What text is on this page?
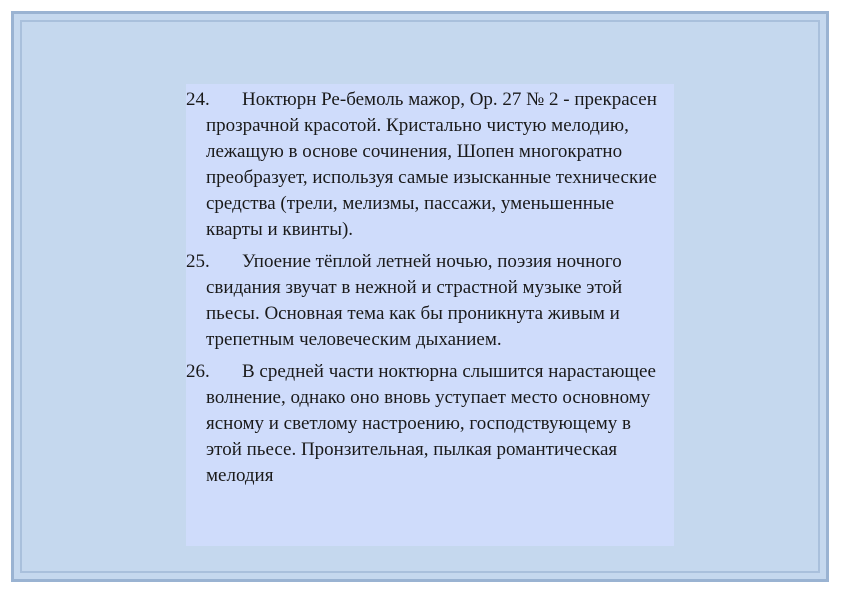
24. Ноктюрн Ре-бемоль мажор, Ор. 27 № 2 - прекрасен прозрачной красотой. Кристально чистую мелодию, лежащую в основе сочинения, Шопен многократно преобразует, используя самые изысканные технические средства (трели, мелизмы, пассажи, уменьшенные кварты и квинты).

25. Упоение тёплой летней ночью, поэзия ночного свидания звучат в нежной и страстной музыке этой пьесы. Основная тема как бы проникнута живым и трепетным человеческим дыханием.

26. В средней части ноктюрна слышится нарастающее волнение, однако оно вновь уступает место основному ясному и светлому настроению, господствующему в этой пьесе. Пронзительная, пылкая романтическая мелодия
